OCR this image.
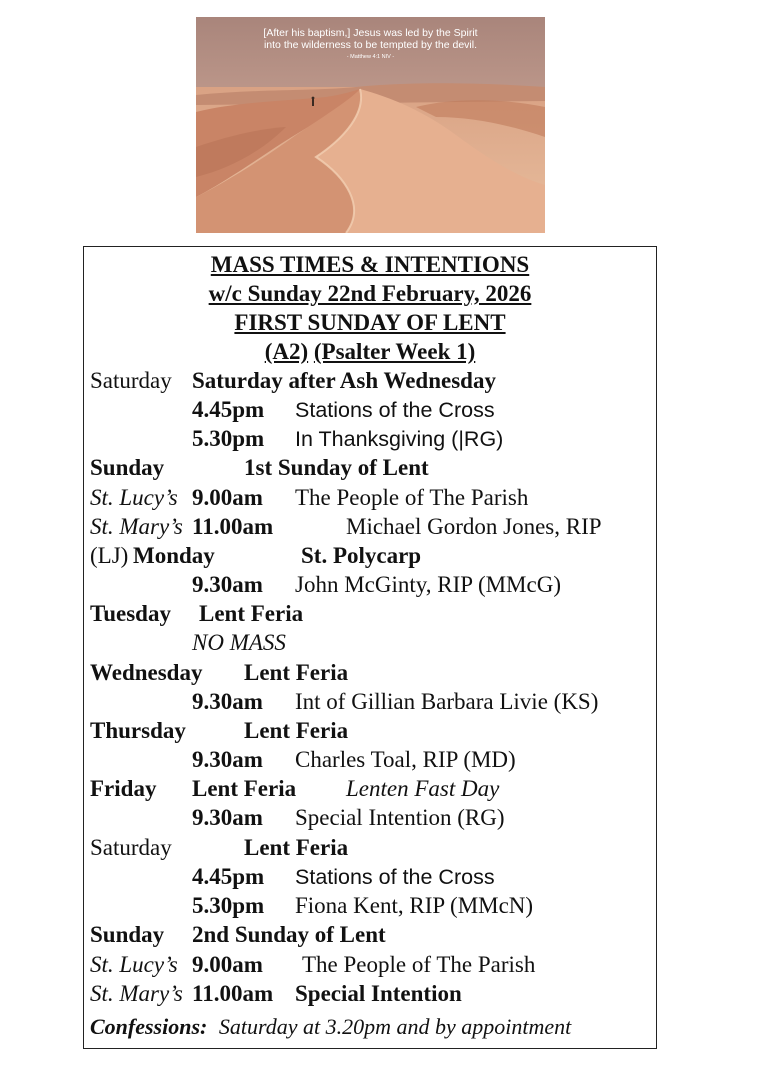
[After his baptism,] Jesus was led by the Spirit
into the wilderness to be tempted by the devil.
- Matthew 4:1 NIV -
MASS TIMES & INTENTIONS
w/c Sunday 22nd February, 2026
FIRST SUNDAY OF LENT
(A2) (Psalter Week 1)
Saturday Saturday after Ash Wednesday
4.45pm Stations of the Cross
5.30pm In Thanksgiving (|RG)
Sunday	1st Sunday of Lent
St. Lucy’s 9.00am The People of The Parish
St. Mary’s 11.00am	Michael Gordon Jones, RIP
(LJ) Monday	St. Polycarp
9.30am John McGinty, RIP (MMcG)
Tuesday Lent Feria
NO MASS
Wednesday Lent Feria
9.30am Int of Gillian Barbara Livie (KS)
Thursday	Lent Feria
9.30am Charles Toal, RIP (MD)
Friday Lent Feria Lenten Fast Day
9.30am Special Intention (RG)
Saturday	Lent Feria
4.45pm Stations of the Cross
5.30pm Fiona Kent, RIP (MMcN)
Sunday 2nd Sunday of Lent
St. Lucy’s 9.00am The People of The Parish
St. Mary’s 11.00am Special Intention
Confessions: Saturday at 3.20pm and by appointment
